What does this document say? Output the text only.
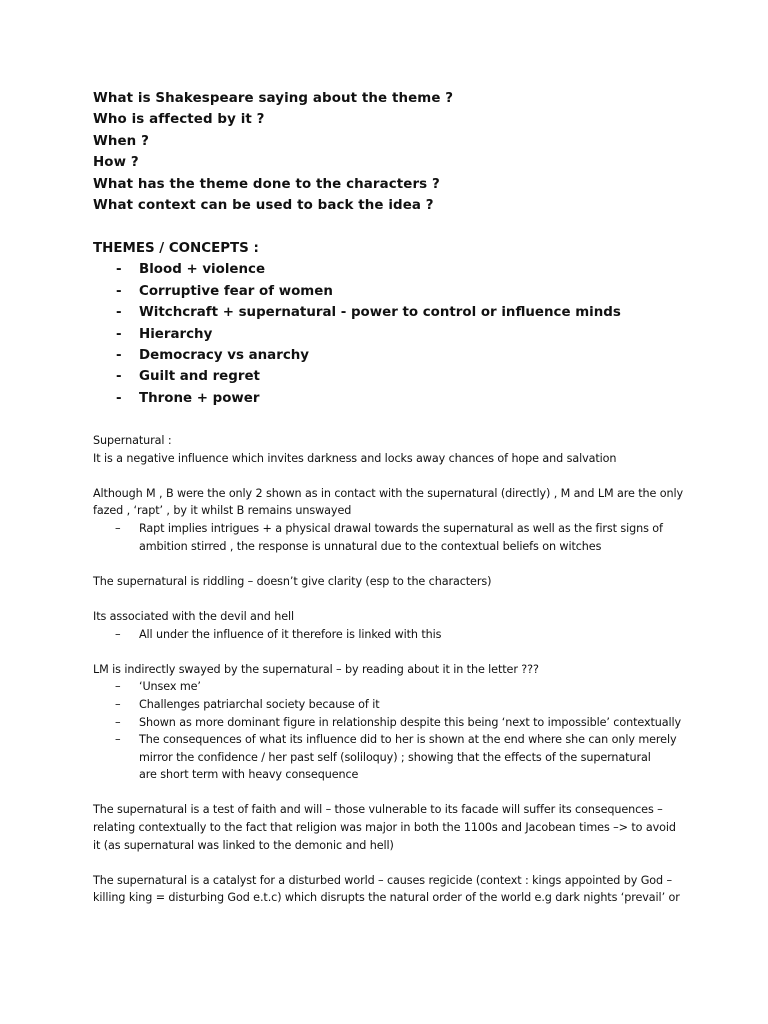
What is Shakespeare saying about the theme ?
Who is affected by it ?
When ?
How ?
What has the theme done to the characters ?
What context can be used to back the idea ?
THEMES / CONCEPTS :
- Blood + violence
- Corruptive fear of women
- Witchcraft + supernatural - power to control or influence minds
- Hierarchy
- Democracy vs anarchy
- Guilt and regret
- Throne + power
Supernatural :
It is a negative influence which invites darkness and locks away chances of hope and salvation
Although M , B were the only 2 shown as in contact with the supernatural (directly) , M and LM are the only
fazed , ‘rapt’ , by it whilst B remains unswayed
– Rapt implies intrigues + a physical drawal towards the supernatural as well as the first signs of
ambition stirred , the response is unnatural due to the contextual beliefs on witches
The supernatural is riddling – doesn’t give clarity (esp to the characters)
Its associated with the devil and hell
– All under the influence of it therefore is linked with this
LM is indirectly swayed by the supernatural – by reading about it in the letter ???
– ‘Unsex me’
– Challenges patriarchal society because of it
– Shown as more dominant figure in relationship despite this being ‘next to impossible’ contextually
– The consequences of what its influence did to her is shown at the end where she can only merely
mirror the confidence / her past self (soliloquy) ; showing that the effects of the supernatural
are short term with heavy consequence
The supernatural is a test of faith and will – those vulnerable to its facade will suffer its consequences –
relating contextually to the fact that religion was major in both the 1100s and Jacobean times –> to avoid
it (as supernatural was linked to the demonic and hell)
The supernatural is a catalyst for a disturbed world – causes regicide (context : kings appointed by God –
killing king = disturbing God e.t.c) which disrupts the natural order of the world e.g dark nights ‘prevail’ or
